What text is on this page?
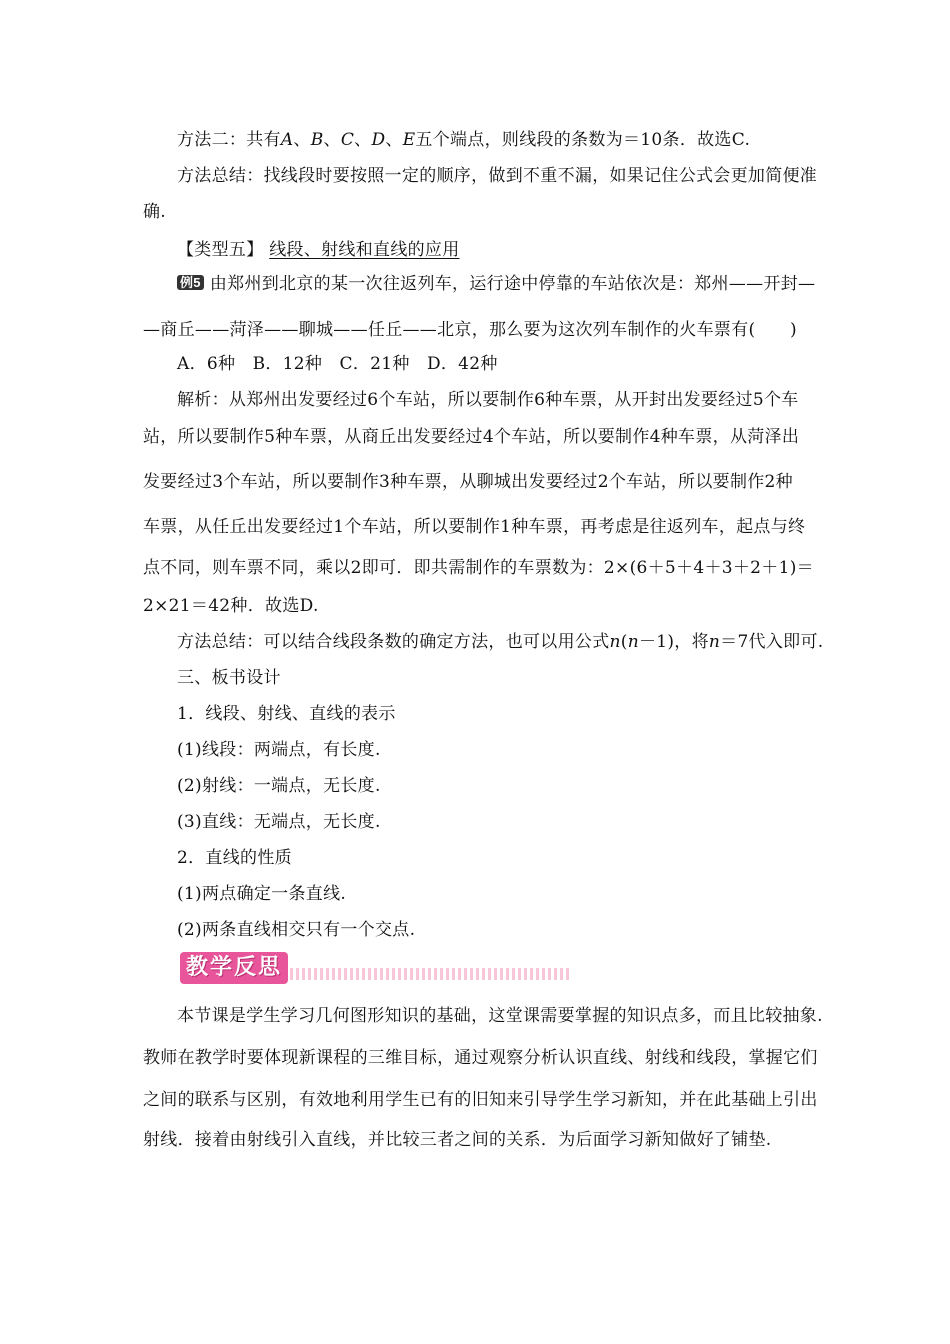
方法二：共有A、B、C、D、E五个端点，则线段的条数为＝10条．故选C.
方法总结：找线段时要按照一定的顺序，做到不重不漏，如果记住公式会更加简便准
确.
【类型五】 线段、射线和直线的应用
例5 由郑州到北京的某一次往返列车，运行途中停靠的车站依次是：郑州——开封—
—商丘——菏泽——聊城——任丘——北京，那么要为这次列车制作的火车票有(　　)
A．6种　B．12种　C．21种　D．42种
解析：从郑州出发要经过6个车站，所以要制作6种车票，从开封出发要经过5个车
站，所以要制作5种车票，从商丘出发要经过4个车站，所以要制作4种车票，从菏泽出
发要经过3个车站，所以要制作3种车票，从聊城出发要经过2个车站，所以要制作2种
车票，从任丘出发要经过1个车站，所以要制作1种车票，再考虑是往返列车，起点与终
点不同，则车票不同，乘以2即可．即共需制作的车票数为：2×(6＋5＋4＋3＋2＋1)＝
2×21＝42种．故选D.
方法总结：可以结合线段条数的确定方法，也可以用公式n(n－1)，将n＝7代入即可.
三、板书设计
1．线段、射线、直线的表示
(1)线段：两端点，有长度.
(2)射线：一端点，无长度.
(3)直线：无端点，无长度.
2．直线的性质
(1)两点确定一条直线.
(2)两条直线相交只有一个交点.
教学反思
本节课是学生学习几何图形知识的基础，这堂课需要掌握的知识点多，而且比较抽象.
教师在教学时要体现新课程的三维目标，通过观察分析认识直线、射线和线段，掌握它们
之间的联系与区别，有效地利用学生已有的旧知来引导学生学习新知，并在此基础上引出
射线．接着由射线引入直线，并比较三者之间的关系．为后面学习新知做好了铺垫.
